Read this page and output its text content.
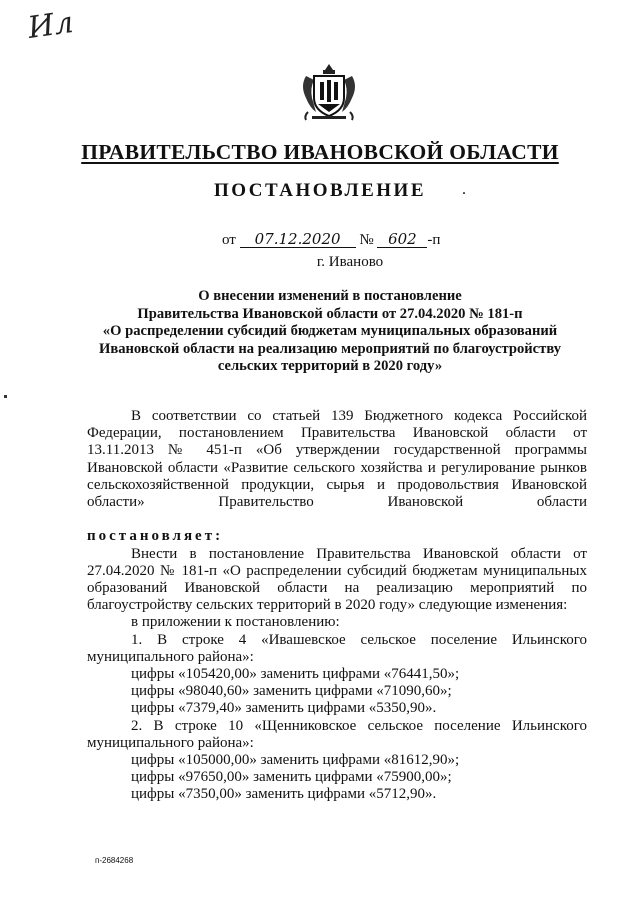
Ил
ПРАВИТЕЛЬСТВО ИВАНОВСКОЙ ОБЛАСТИ
ПОСТАНОВЛЕНИЕ	·
от 07.12.2020 № 602 -п
г. Иваново
О внесении изменений в постановление
Правительства Ивановской области от 27.04.2020 № 181-п
«О распределении субсидий бюджетам муниципальных образований
Ивановской области на реализацию мероприятий по благоустройству
сельских территорий в 2020 году»

В соответствии со статьей 139 Бюджетного кодекса Российской Федерации, постановлением Правительства Ивановской области от 13.11.2013 № 451-п «Об утверждении государственной программы Ивановской области «Развитие сельского хозяйства и регулирование рынков сельскохозяйственной продукции, сырья и продовольствия Ивановской области» Правительство Ивановской области

постановляет:

Внести в постановление Правительства Ивановской области от 27.04.2020 № 181-п «О распределении субсидий бюджетам муниципальных образований Ивановской области на реализацию мероприятий по благоустройству сельских территорий в 2020 году» следующие изменения:

в приложении к постановлению:

1. В строке 4 «Ивашевское сельское поселение Ильинского муниципального района»:

цифры «105420,00» заменить цифрами «76441,50»;

цифры «98040,60» заменить цифрами «71090,60»;

цифры «7379,40» заменить цифрами «5350,90».

2. В строке 10 «Щенниковское сельское поселение Ильинского муниципального района»:

цифры «105000,00» заменить цифрами «81612,90»;

цифры «97650,00» заменить цифрами «75900,00»;

цифры «7350,00» заменить цифрами «5712,90».

п-2684268
